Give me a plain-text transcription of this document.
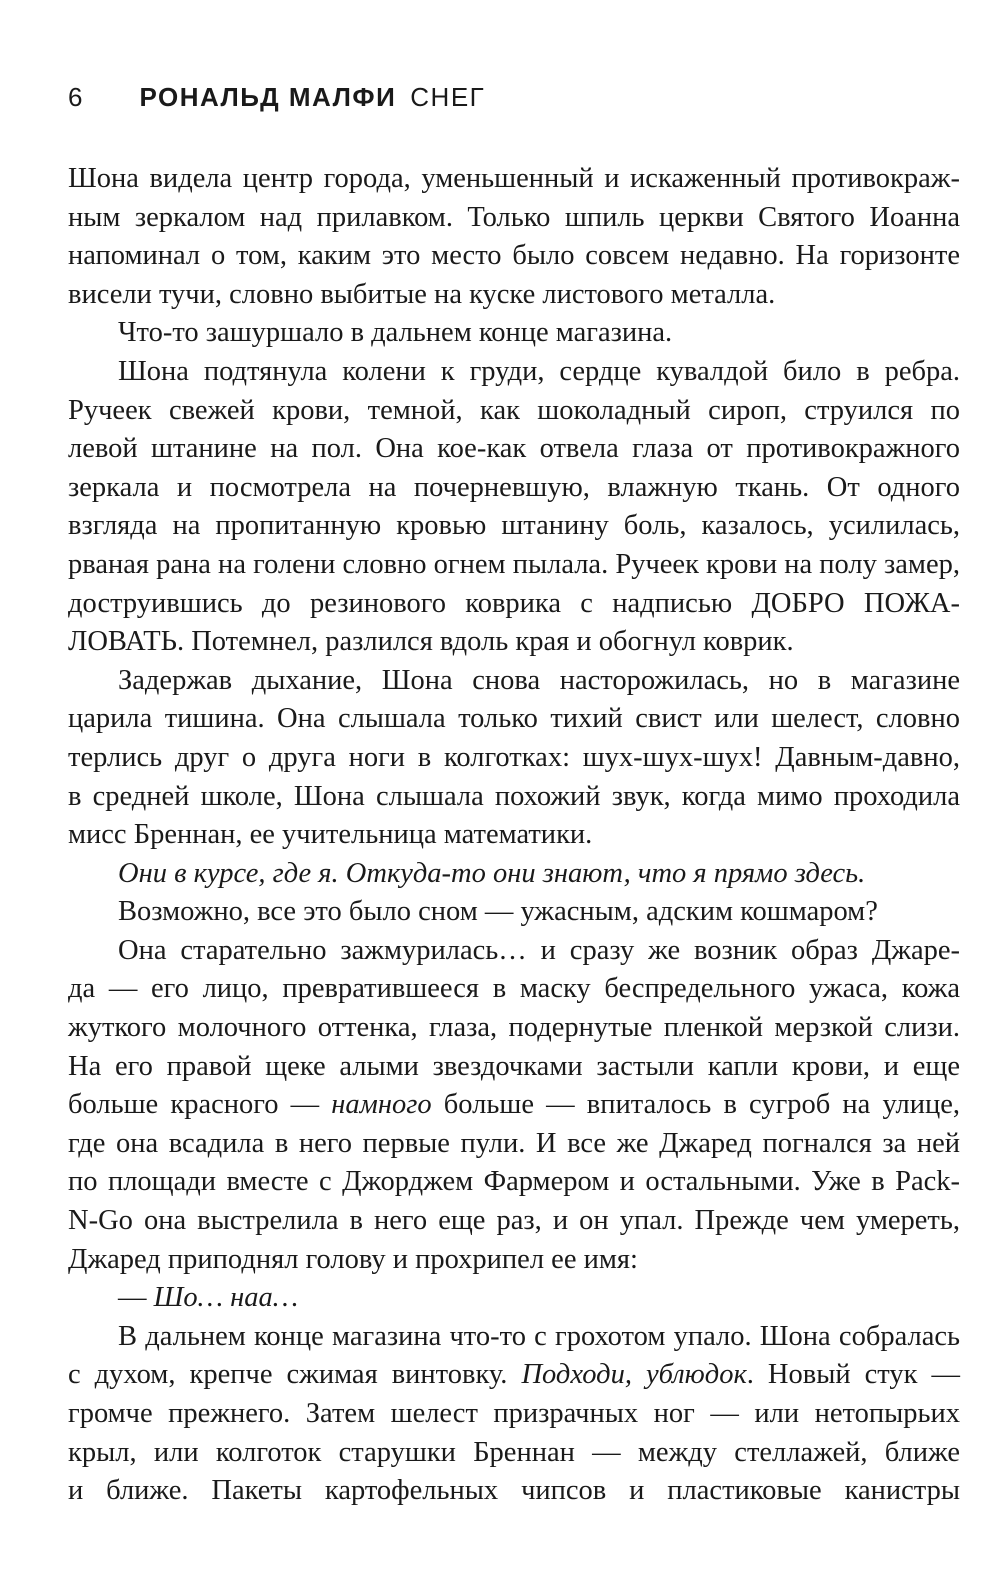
6 РОНАЛЬД МАЛФИ СНЕГ
Шона видела центр города, уменьшенный и искаженный противокраж-
ным зеркалом над прилавком. Только шпиль церкви Святого Иоанна
напоминал о том, каким это место было совсем недавно. На горизонте
висели тучи, словно выбитые на куске листового металла.
Что-то зашуршало в дальнем конце магазина.
Шона подтянула колени к груди, сердце кувалдой било в ребра.
Ручеек свежей крови, темной, как шоколадный сироп, струился по
левой штанине на пол. Она кое-как отвела глаза от противокражного
зеркала и посмотрела на почерневшую, влажную ткань. От одного
взгляда на пропитанную кровью штанину боль, казалось, усилилась,
рваная рана на голени словно огнем пылала. Ручеек крови на полу замер,
доструившись до резинового коврика с надписью ДОБРО ПОЖА-
ЛОВАТЬ. Потемнел, разлился вдоль края и обогнул коврик.
Задержав дыхание, Шона снова насторожилась, но в магазине
царила тишина. Она слышала только тихий свист или шелест, словно
терлись друг о друга ноги в колготках: шух-шух-шух! Давным-давно,
в средней школе, Шона слышала похожий звук, когда мимо проходила
мисс Бреннан, ее учительница математики.
Они в курсе, где я. Откуда-то они знают, что я прямо здесь.
Возможно, все это было сном — ужасным, адским кошмаром?
Она старательно зажмурилась… и сразу же возник образ Джаре-
да — его лицо, превратившееся в маску беспредельного ужаса, кожа
жуткого молочного оттенка, глаза, подернутые пленкой мерзкой слизи.
На его правой щеке алыми звездочками застыли капли крови, и еще
больше красного — намного больше — впиталось в сугроб на улице,
где она всадила в него первые пули. И все же Джаред погнался за ней
по площади вместе с Джорджем Фармером и остальными. Уже в Pack-
N-Go она выстрелила в него еще раз, и он упал. Прежде чем умереть,
Джаред приподнял голову и прохрипел ее имя:
— Шо… наа…
В дальнем конце магазина что-то с грохотом упало. Шона собралась
с духом, крепче сжимая винтовку. Подходи, ублюдок. Новый стук —
громче прежнего. Затем шелест призрачных ног — или нетопырьих
крыл, или колготок старушки Бреннан — между стеллажей, ближе
и ближе. Пакеты картофельных чипсов и пластиковые канистры
